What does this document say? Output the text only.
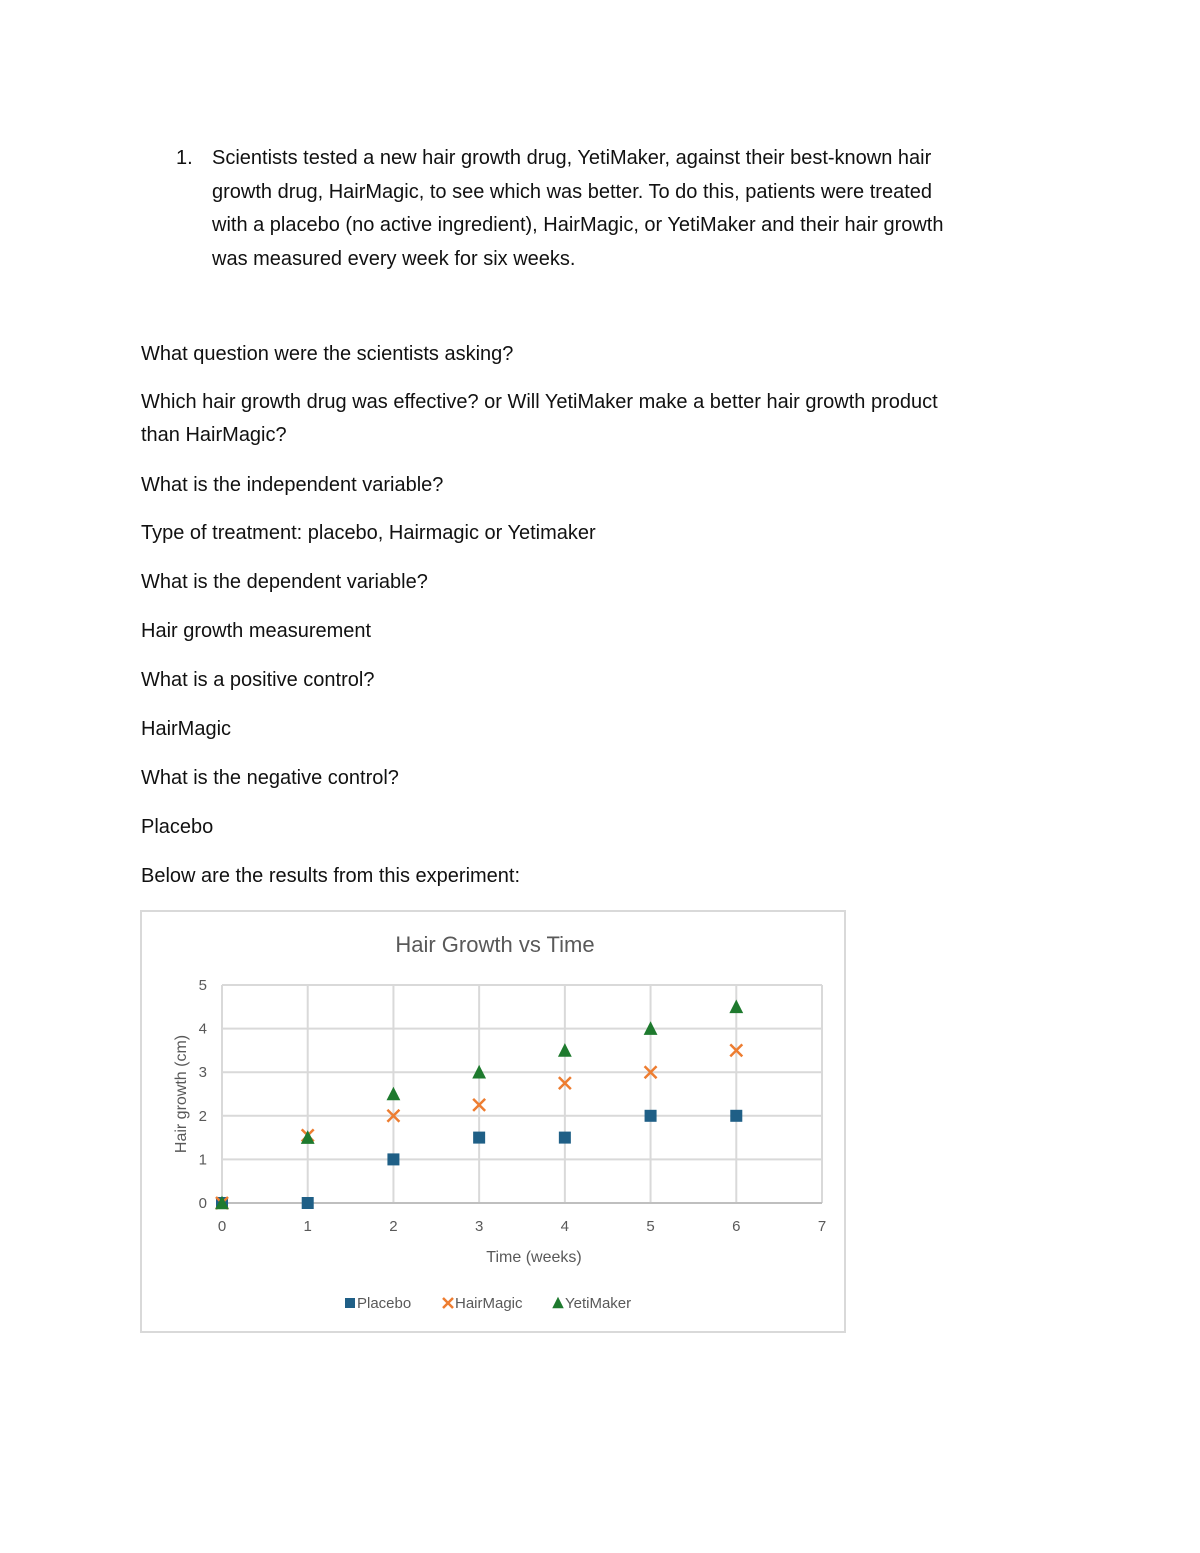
1. Scientists tested a new hair growth drug, YetiMaker, against their best-known hair
growth drug, HairMagic, to see which was better. To do this, patients were treated
with a placebo (no active ingredient), HairMagic, or YetiMaker and their hair growth
was measured every week for six weeks.
What question were the scientists asking?
Which hair growth drug was effective? or Will YetiMaker make a better hair growth product
than HairMagic?
What is the independent variable?
Type of treatment: placebo, Hairmagic or Yetimaker
What is the dependent variable?
Hair growth measurement
What is a positive control?
HairMagic
What is the negative control?
Placebo
Below are the results from this experiment:
Hair Growth vs Time
0	1	2	3	4	5	6	7
0
1
2
3
4
5
Time (weeks)
Hair growth (cm)
Placebo	HairMagic	YetiMaker
